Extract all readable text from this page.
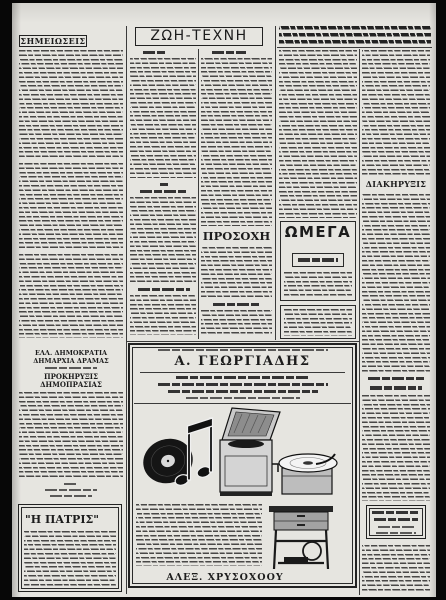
ΣΗΜΕΙΩΣΕΙΣ
ΕΛΛ. ΔΗΜΟΚΡΑΤΙΑ
ΔΗΜΑΡΧΙΑ ΔΡΑΜΑΣ
ΠΡΟΚΗΡΥΞΙΣ ΔΗΜΟΠΡΑΣΙΑΣ
"Η ΠΑΤΡΙΣ"
ΖΩΗ-ΤΕΧΝΗ
ΠΡΟΣΟΧΗ ΩΜΕΓΑ
ΔΙΑΚΗΡΥΞΙΣ
Α. ΓΕΩΡΓΙΑΔΗΣ
ΑΛΕΞ. ΧΡΥΣΟΧΟΟΥ
